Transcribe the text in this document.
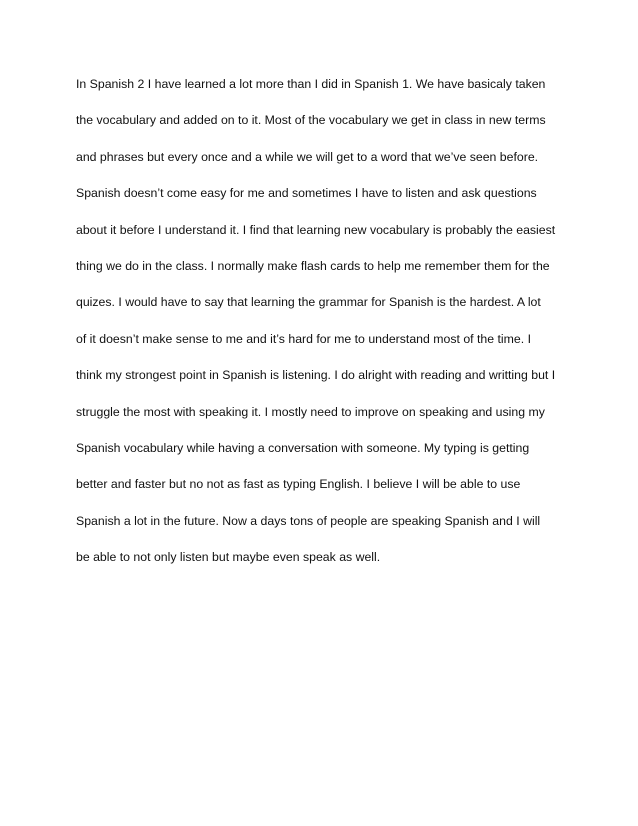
In Spanish 2 I have learned a lot more than I did in Spanish 1. We have basicaly taken
the vocabulary and added on to it. Most of the vocabulary we get in class in new terms
and phrases but every once and a while we will get to a word that we’ve seen before.
Spanish doesn’t come easy for me and sometimes I have to listen and ask questions
about it before I understand it. I find that learning new vocabulary is probably the easiest
thing we do in the class. I normally make flash cards to help me remember them for the
quizes. I would have to say that learning the grammar for Spanish is the hardest. A lot
of it doesn’t make sense to me and it’s hard for me to understand most of the time. I
think my strongest point in Spanish is listening. I do alright with reading and writting but I
struggle the most with speaking it. I mostly need to improve on speaking and using my
Spanish vocabulary while having a conversation with someone. My typing is getting
better and faster but no not as fast as typing English. I believe I will be able to use
Spanish a lot in the future. Now a days tons of people are speaking Spanish and I will
be able to not only listen but maybe even speak as well.
